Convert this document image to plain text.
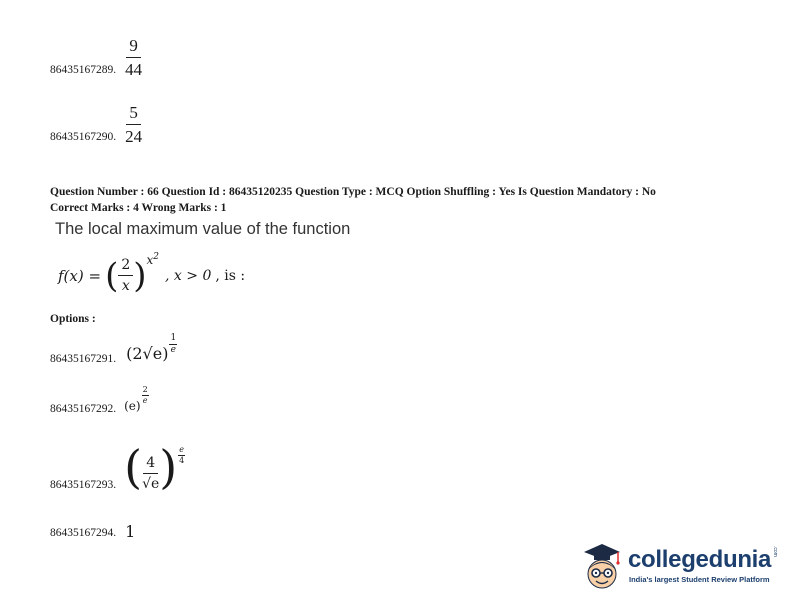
86435167289. $\frac{9}{44}$
86435167290. $\frac{5}{24}$
Question Number : 66 Question Id : 86435120235 Question Type : MCQ Option Shuffling : Yes Is Question Mandatory : No
Correct Marks : 4 Wrong Marks : 1
The local maximum value of the function
f(x) = ( $\frac{2}{x}$ ) $x^2$
, x > 0 , is :
Options :
86435167291. $(2√e) \frac{1}{e}$
86435167292. (e)
$\frac{2}{e}$
86435167293. ( $\frac{4}{√e}$ ) $\frac{e}{4}$
86435167294. 1
collegedunia .com
India's largest Student Review Platform
